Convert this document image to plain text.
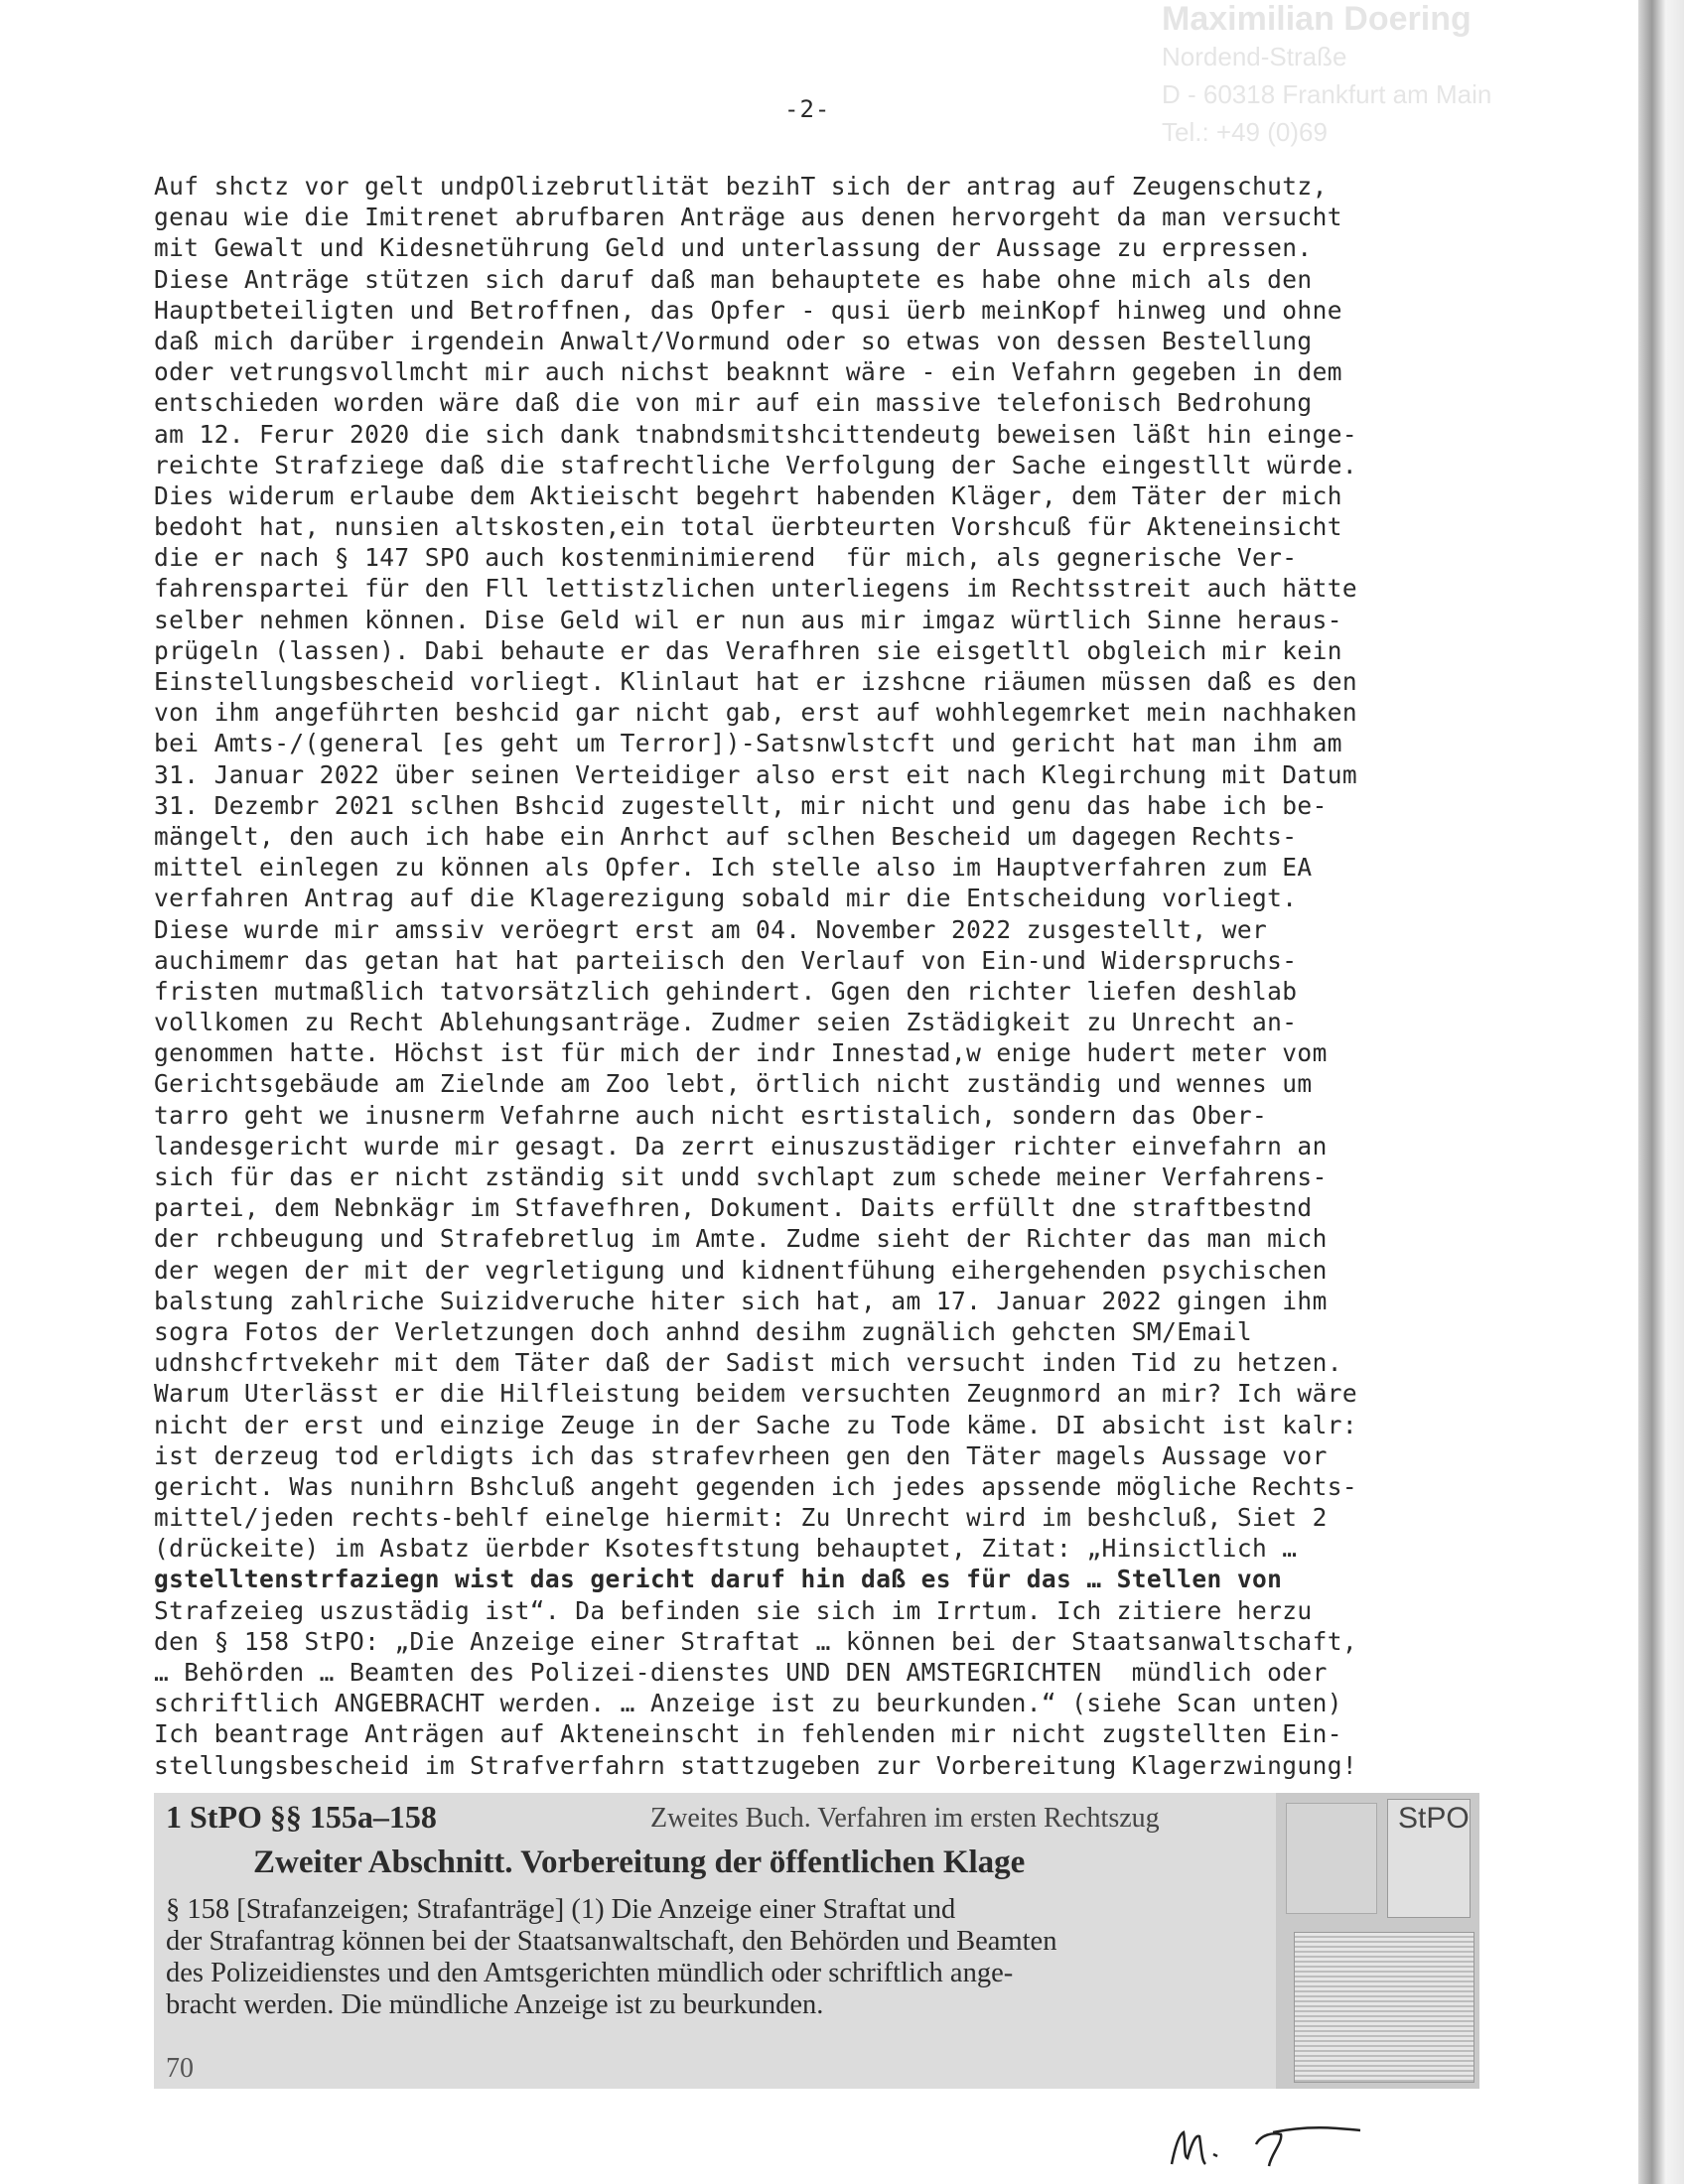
Maximilian Doering
Nordend-Straße
D - 60318 Frankfurt am Main
Tel.: +49 (0)69
-2-
Auf shctz vor gelt undpOlizebrutlität bezihT sich der antrag auf Zeugenschutz,
genau wie die Imitrenet abrufbaren Anträge aus denen hervorgeht da man versucht
mit Gewalt und Kidesnetührung Geld und unterlassung der Aussage zu erpressen.
Diese Anträge stützen sich daruf daß man behauptete es habe ohne mich als den
Hauptbeteiligten und Betroffnen, das Opfer - qusi üerb meinKopf hinweg und ohne
daß mich darüber irgendein Anwalt/Vormund oder so etwas von dessen Bestellung
oder vetrungsvollmcht mir auch nichst beaknnt wäre - ein Vefahrn gegeben in dem
entschieden worden wäre daß die von mir auf ein massive telefonisch Bedrohung
am 12. Ferur 2020 die sich dank tnabndsmitshcittendeutg beweisen läßt hin einge-
reichte Strafziege daß die stafrechtliche Verfolgung der Sache eingestllt würde.
Dies widerum erlaube dem Aktieischt begehrt habenden Kläger, dem Täter der mich
bedoht hat, nunsien altskosten,ein total üerbteurten Vorshcuß für Akteneinsicht
die er nach § 147 SPO auch kostenminimierend  für mich, als gegnerische Ver-
fahrenspartei für den Fll lettistzlichen unterliegens im Rechtsstreit auch hätte
selber nehmen können. Dise Geld wil er nun aus mir imgaz würtlich Sinne heraus-
prügeln (lassen). Dabi behaute er das Verafhren sie eisgetltl obgleich mir kein
Einstellungsbescheid vorliegt. Klinlaut hat er izshcne riäumen müssen daß es den
von ihm angeführten beshcid gar nicht gab, erst auf wohhlegemrket mein nachhaken
bei Amts-/(general [es geht um Terror])-Satsnwlstcft und gericht hat man ihm am
31. Januar 2022 über seinen Verteidiger also erst eit nach Klegirchung mit Datum
31. Dezembr 2021 sclhen Bshcid zugestellt, mir nicht und genu das habe ich be-
mängelt, den auch ich habe ein Anrhct auf sclhen Bescheid um dagegen Rechts-
mittel einlegen zu können als Opfer. Ich stelle also im Hauptverfahren zum EA
verfahren Antrag auf die Klagerezigung sobald mir die Entscheidung vorliegt.
Diese wurde mir amssiv veröegrt erst am 04. November 2022 zusgestellt, wer
auchimemr das getan hat hat parteiisch den Verlauf von Ein-und Widerspruchs-
fristen mutmaßlich tatvorsätzlich gehindert. Ggen den richter liefen deshlab
vollkomen zu Recht Ablehungsanträge. Zudmer seien Zstädigkeit zu Unrecht an-
genommen hatte. Höchst ist für mich der indr Innestad,w enige hudert meter vom
Gerichtsgebäude am Zielnde am Zoo lebt, örtlich nicht zuständig und wennes um
tarro geht we inusnerm Vefahrne auch nicht esrtistalich, sondern das Ober-
landesgericht wurde mir gesagt. Da zerrt einuszustädiger richter einvefahrn an
sich für das er nicht zständig sit undd svchlapt zum schede meiner Verfahrens-
partei, dem Nebnkägr im Stfavefhren, Dokument. Daits erfüllt dne straftbestnd
der rchbeugung und Strafebretlug im Amte. Zudme sieht der Richter das man mich
der wegen der mit der vegrletigung und kidnentfühung eihergehenden psychischen
balstung zahlriche Suizidveruche hiter sich hat, am 17. Januar 2022 gingen ihm
sogra Fotos der Verletzungen doch anhnd desihm zugnälich gehcten SM/Email
udnshcfrtvekehr mit dem Täter daß der Sadist mich versucht inden Tid zu hetzen.
Warum Uterlässt er die Hilfleistung beidem versuchten Zeugnmord an mir? Ich wäre
nicht der erst und einzige Zeuge in der Sache zu Tode käme. DI absicht ist kalr:
ist derzeug tod erldigts ich das strafevrheen gen den Täter magels Aussage vor
gericht. Was nunihrn Bshcluß angeht gegenden ich jedes apssende mögliche Rechts-
mittel/jeden rechts-behlf einelge hiermit: Zu Unrecht wird im beshcluß, Siet 2
(drückeite) im Asbatz üerbder Ksotesftstung behauptet, Zitat: „Hinsictlich …
gstelltenstrfaziegn wist das gericht daruf hin daß es für das … Stellen von
Strafzeieg uszustädig ist“. Da befinden sie sich im Irrtum. Ich zitiere herzu
den § 158 StPO: „Die Anzeige einer Straftat … können bei der Staatsanwaltschaft,
… Behörden … Beamten des Polizei-dienstes UND DEN AMSTEGRICHTEN  mündlich oder
schriftlich ANGEBRACHT werden. … Anzeige ist zu beurkunden.“ (siehe Scan unten)
Ich beantrage Anträgen auf Akteneinscht in fehlenden mir nicht zugstellten Ein-
stellungsbescheid im Strafverfahrn stattzugeben zur Vorbereitung Klagerzwingung!
1 StPO §§ 155a–158	Zweites Buch. Verfahren im ersten Rechtszug
Zweiter Abschnitt. Vorbereitung der öffentlichen Klage
§ 158 [Strafanzeigen; Strafanträge] (1) Die Anzeige einer Straftat und
der Strafantrag können bei der Staatsanwaltschaft, den Behörden und Beamten
des Polizeidienstes und den Amtsgerichten mündlich oder schriftlich ange-
bracht werden. Die mündliche Anzeige ist zu beurkunden.
70
StPO
